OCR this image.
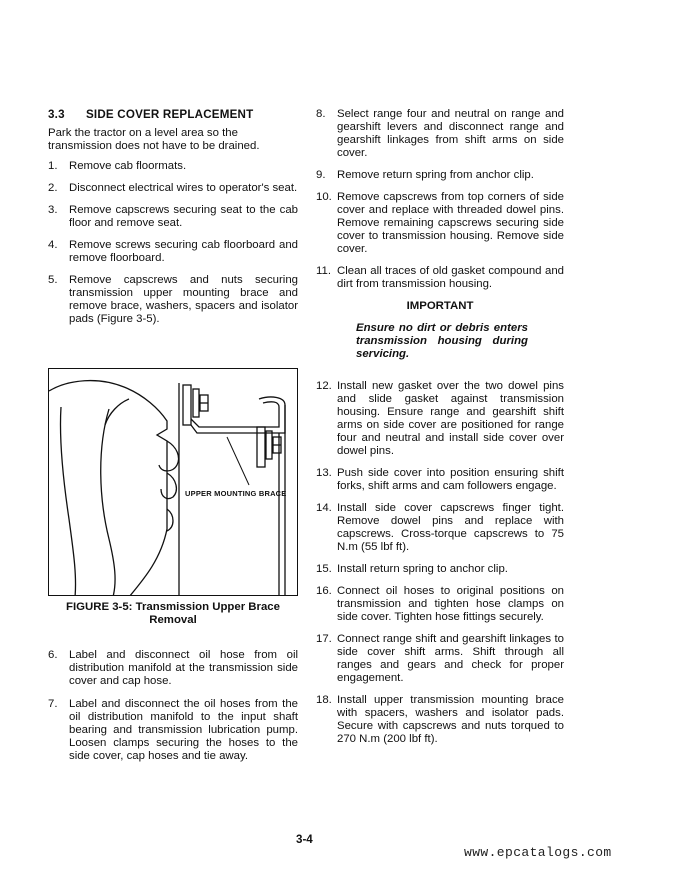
3.3 SIDE COVER REPLACEMENT

Park the tractor on a level area so the transmission does not have to be drained.

1.	Remove cab floormats.
2.	Disconnect electrical wires to operator's seat.
3.	Remove capscrews securing seat to the cab floor and remove seat.
4.	Remove screws securing cab floorboard and remove floorboard.
5.	Remove capscrews and nuts securing transmission upper mounting brace and remove brace, washers, spacers and isolator pads (Figure 3-5).
UPPER MOUNTING BRACE
FIGURE 3-5: Transmission Upper Brace Removal
6.	Label and disconnect oil hose from oil distribution manifold at the transmission side cover and cap hose.
7.	Label and disconnect the oil hoses from the oil distribution manifold to the input shaft bearing and transmission lubrication pump. Loosen clamps securing the hoses to the side cover, cap hoses and tie away.
8.	Select range four and neutral on range and gearshift levers and disconnect range and gearshift linkages from shift arms on side cover.
9.	Remove return spring from anchor clip.
10. Remove capscrews from top corners of side cover and replace with threaded dowel pins. Remove remaining capscrews securing side cover to transmission housing. Remove side cover.
11. Clean all traces of old gasket compound and dirt from transmission housing.
IMPORTANT

Ensure no dirt or debris enters transmission housing during servicing.

12. Install new gasket over the two dowel pins and slide gasket against transmission housing. Ensure range and gearshift shift arms on side cover are positioned for range four and neutral and install side cover over dowel pins.
13. Push side cover into position ensuring shift forks, shift arms and cam followers engage.
14. Install side cover capscrews finger tight. Remove dowel pins and replace with capscrews. Cross-torque capscrews to 75 N.m (55 lbf ft).
15. Install return spring to anchor clip.
16. Connect oil hoses to original positions on transmission and tighten hose clamps on side cover. Tighten hose fittings securely.
17. Connect range shift and gearshift linkages to side cover shift arms. Shift through all ranges and gears and check for proper engagement.
18. Install upper transmission mounting brace with spacers, washers and isolator pads. Secure with capscrews and nuts torqued to 270 N.m (200 lbf ft).
3-4
www.epcatalogs.com
